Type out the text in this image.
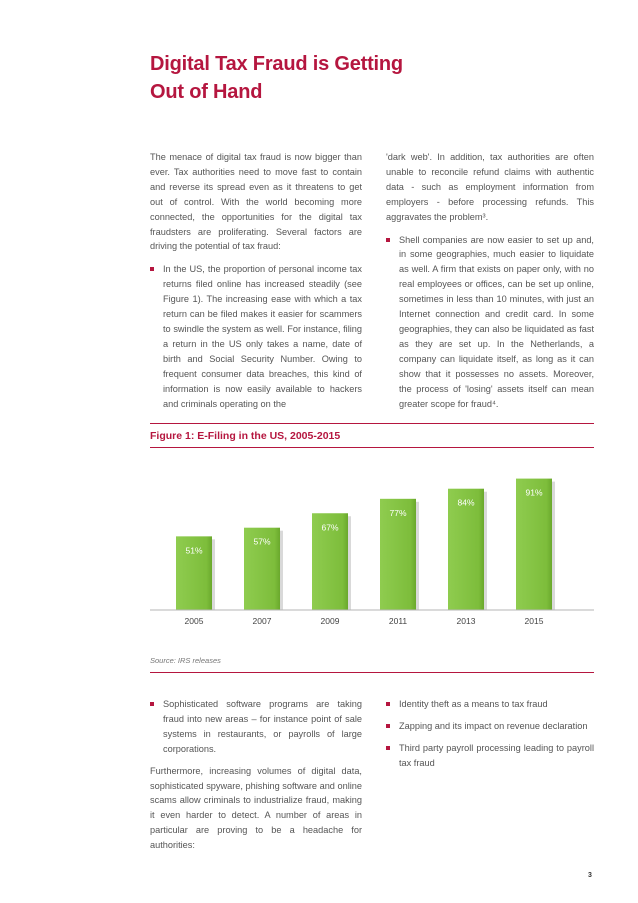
Digital Tax Fraud is Getting
Out of Hand

The menace of digital tax fraud is now bigger than ever. Tax authorities need to move fast to contain and reverse its spread even as it threatens to get out of control. With the world becoming more connected, the opportunities for the digital tax fraudsters are proliferating. Several factors are driving the potential of tax fraud:

In the US, the proportion of personal income tax returns filed online has increased steadily (see Figure 1). The increasing ease with which a tax return can be filed makes it easier for scammers to swindle the system as well. For instance, filing a return in the US only takes a name, date of birth and Social Security Number. Owing to frequent consumer data breaches, this kind of information is now easily available to hackers and criminals operating on the

'dark web'. In addition, tax authorities are often unable to reconcile refund claims with authentic data - such as employment information from employers - before processing refunds. This aggravates the problem³.

Shell companies are now easier to set up and, in some geographies, much easier to liquidate as well. A firm that exists on paper only, with no real employees or offices, can be set up online, sometimes in less than 10 minutes, with just an Internet connection and credit card. In some geographies, they can also be liquidated as fast as they are set up. In the Netherlands, a company can liquidate itself, as long as it can show that it possesses no assets. Moreover, the process of 'losing' assets itself can mean greater scope for fraud⁴.
Figure 1: E-Filing in the US, 2005-2015
51%
57%
67%
77%
84%
91%
2005	2007	2009	2011	2013	2015
Source: IRS releases
Sophisticated software programs are taking fraud into new areas – for instance point of sale systems in restaurants, or payrolls of large corporations.

Furthermore, increasing volumes of digital data, sophisticated spyware, phishing software and online scams allow criminals to industrialize fraud, making it even harder to detect. A number of areas in particular are proving to be a headache for authorities:

Identity theft as a means to tax fraud
Zapping and its impact on revenue declaration
Third party payroll processing leading to payroll tax fraud
3
